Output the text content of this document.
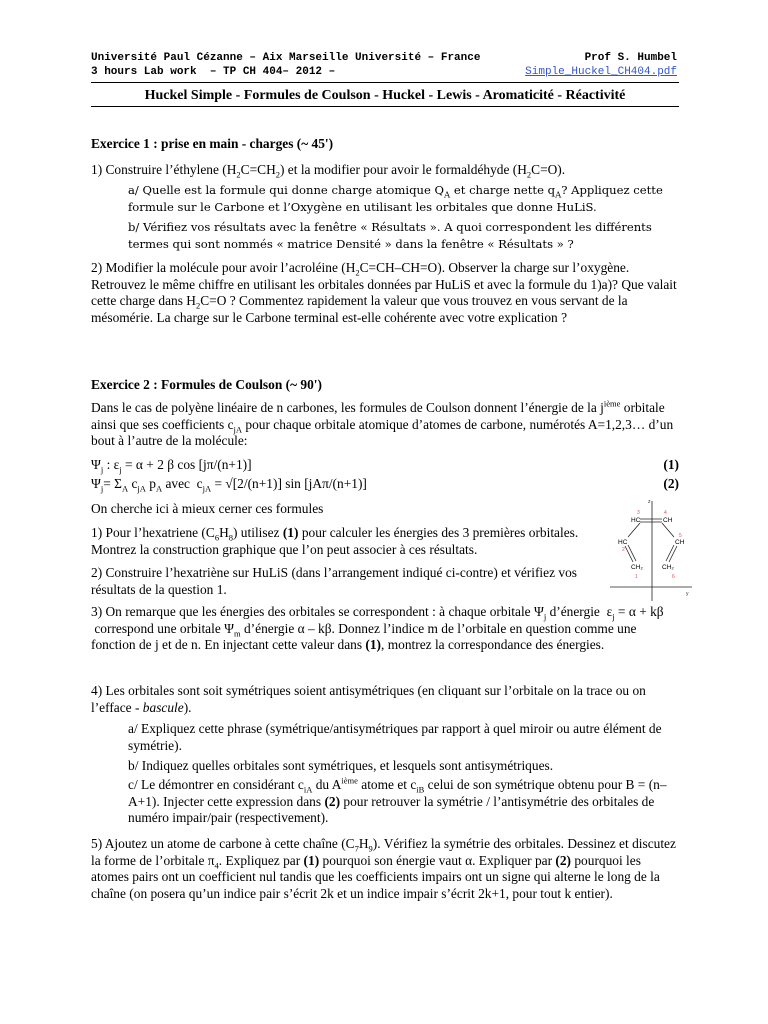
Université Paul Cézanne – Aix Marseille Université – France	Prof S. Humbel
3 hours Lab work  – TP CH 404– 2012 –	Simple_Huckel_CH404.pdf
Huckel Simple - Formules de Coulson - Huckel - Lewis - Aromaticité - Réactivité
Exercice 1 : prise en main - charges (~ 45')
1) Construire l’éthylene $(H_2C=CH_2)$ et la modifier pour avoir le formaldéhyde $(H_2C=O)$.
a/ Quelle est la formule qui donne charge atomique $Q_A$ et charge nette $q_A$? Appliquez cette formule sur le Carbone et l’Oxygène en utilisant les orbitales que donne HuLiS.
b/ Vérifiez vos résultats avec la fenêtre « Résultats ». A quoi correspondent les différents termes qui sont nommés « matrice Densité » dans la fenêtre « Résultats » ?
2) Modifier la molécule pour avoir l’acroléine $(H_2C=CH-CH=O)$. Observer la charge sur l’oxygène. Retrouvez le même chiffre en utilisant les orbitales données par HuLiS et avec la formule du 1)a)? Que valait cette charge dans $H_2C=O$ ? Commentez rapidement la valeur que vous trouvez en vous servant de la mésomérie. La charge sur le Carbone terminal est-elle cohérente avec votre explication ?
Exercice 2 : Formules de Coulson (~ 90')
Dans le cas de polyène linéaire de n carbones, les formules de Coulson donnent l’énergie de la $j^{ième}$ orbitale ainsi que ses coefficients $c_{jA}$ pour chaque orbitale atomique d’atomes de carbone, numérotés A=1,2,3… d’un bout à l’autre de la molécule:
$\Psi_j$ : $\varepsilon_j = \alpha + 2$ β cos [jπ/(n+1)]	(1)
$\Psi_j= \Sigma_A$ $c_{jA}$ $p_A$ avec  $c_{jA} = √[2/(n+1)]$ sin [jAπ/(n+1)]	(2)
On cherche ici à mieux cerner ces formules
1) Pour l’hexatriene $(C_6H_8)$ utilisez (1) pour calculer les énergies des 3 premières orbitales. Montrez la construction graphique que l’on peut associer à ces résultats.
2) Construire l’hexatriène sur HuLiS (dans l’arrangement indiqué ci-contre) et vérifiez vos résultats de la question 1.
3) On remarque que les énergies des orbitales se correspondent : à chaque orbitale $\Psi_j$ d’énergie  $\varepsilon_j = \alpha + k\beta$  correspond une orbitale $\Psi_m$ d’énergie α – kβ. Donnez l’indice m de l’orbitale en question comme une fonction de j et de n. En injectant cette valeur dans (1), montrez la correspondance des énergies.
4) Les orbitales sont soit symétriques soient antisymétriques (en cliquant sur l’orbitale on la trace ou on l’efface - bascule).
a/ Expliquez cette phrase (symétrique/antisymétriques par rapport à quel miroir ou autre élément de symétrie).
b/ Indiquez quelles orbitales sont symétriques, et lesquels sont antisymétriques.
c/ Le démontrer en considérant $c_{iA}$ du $A^{ième}$ atome et $c_{iB}$ celui de son symétrique obtenu pour B = (n–A+1). Injecter cette expression dans (2) pour retrouver la symétrie / l’antisymétrie des orbitales de numéro impair/pair (respectivement).
5) Ajoutez un atome de carbone à cette chaîne $(C_7H_9)$. Vérifiez la symétrie des orbitales. Dessinez et discutez la forme de l’orbitale $\pi_4$. Expliquez par (1) pourquoi son énergie vaut α. Expliquer par (2) pourquoi les atomes pairs ont un coefficient nul tandis que les coefficients impairs ont un signe qui alterne le long de la chaîne (on posera qu’un indice pair s’écrit 2k et un indice impair s’écrit 2k+1, pour tout k entier).
HC	CH
HC	CH
CH₂	CH₂
3	4
2
5
1	6
z
y
